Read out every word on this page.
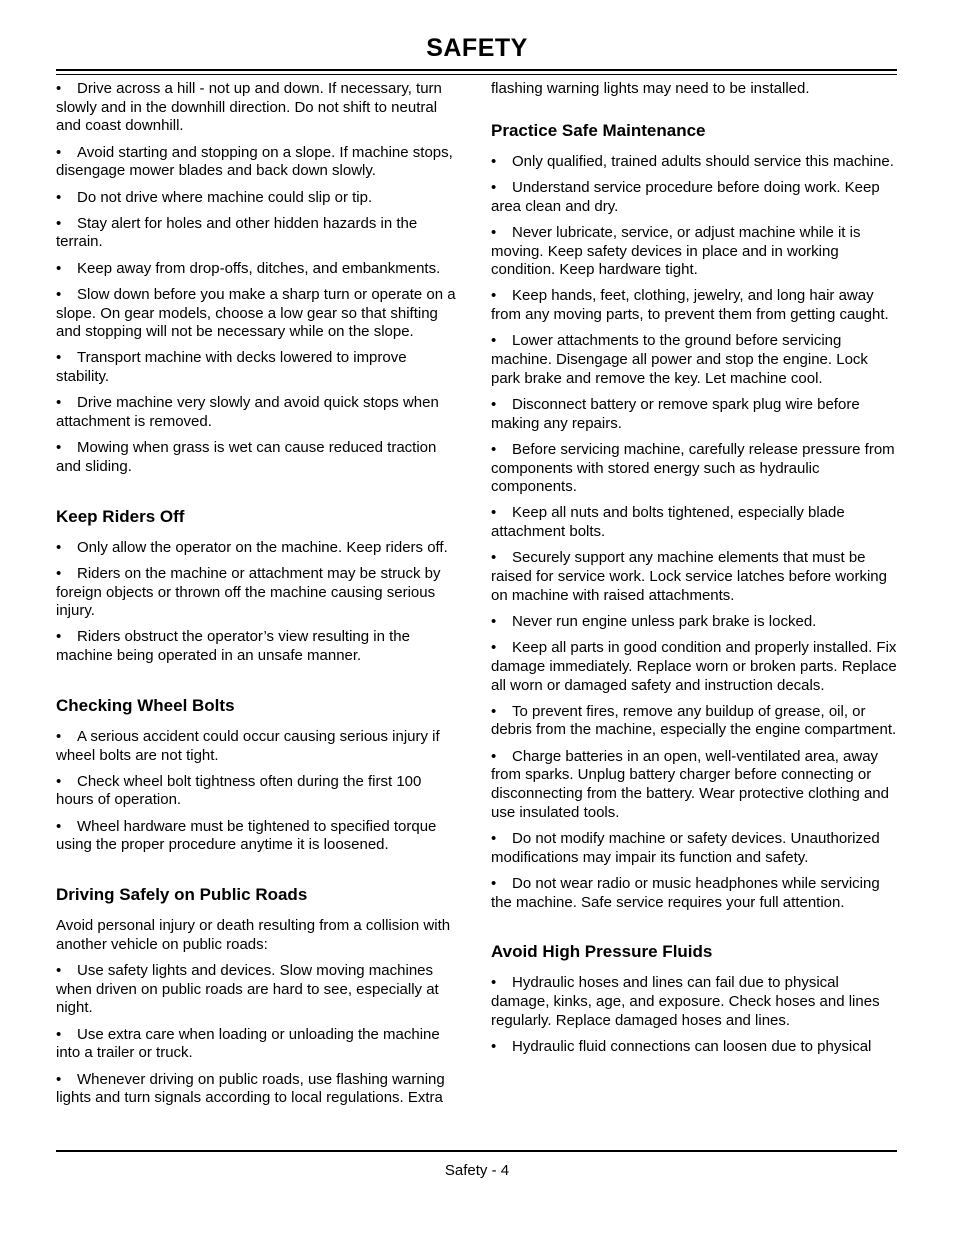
SAFETY

• Drive across a hill - not up and down. If necessary, turn slowly and in the downhill direction. Do not shift to neutral and coast downhill.

• Avoid starting and stopping on a slope. If machine stops, disengage mower blades and back down slowly.

• Do not drive where machine could slip or tip.

• Stay alert for holes and other hidden hazards in the terrain.

• Keep away from drop-offs, ditches, and embankments.

• Slow down before you make a sharp turn or operate on a slope. On gear models, choose a low gear so that shifting and stopping will not be necessary while on the slope.

• Transport machine with decks lowered to improve stability.

• Drive machine very slowly and avoid quick stops when attachment is removed.

• Mowing when grass is wet can cause reduced traction and sliding.

Keep Riders Off

• Only allow the operator on the machine. Keep riders off.

• Riders on the machine or attachment may be struck by foreign objects or thrown off the machine causing serious injury.

• Riders obstruct the operator’s view resulting in the machine being operated in an unsafe manner.

Checking Wheel Bolts

• A serious accident could occur causing serious injury if wheel bolts are not tight.

• Check wheel bolt tightness often during the first 100 hours of operation.

• Wheel hardware must be tightened to specified torque using the proper procedure anytime it is loosened.

Driving Safely on Public Roads

Avoid personal injury or death resulting from a collision with another vehicle on public roads:

• Use safety lights and devices. Slow moving machines when driven on public roads are hard to see, especially at night.

• Use extra care when loading or unloading the machine into a trailer or truck.

• Whenever driving on public roads, use flashing warning lights and turn signals according to local regulations. Extra

flashing warning lights may need to be installed.

Practice Safe Maintenance

• Only qualified, trained adults should service this machine.

• Understand service procedure before doing work. Keep area clean and dry.

• Never lubricate, service, or adjust machine while it is moving. Keep safety devices in place and in working condition. Keep hardware tight.

• Keep hands, feet, clothing, jewelry, and long hair away from any moving parts, to prevent them from getting caught.

• Lower attachments to the ground before servicing machine. Disengage all power and stop the engine. Lock park brake and remove the key. Let machine cool.

• Disconnect battery or remove spark plug wire before making any repairs.

• Before servicing machine, carefully release pressure from components with stored energy such as hydraulic components.

• Keep all nuts and bolts tightened, especially blade attachment bolts.

• Securely support any machine elements that must be raised for service work. Lock service latches before working on machine with raised attachments.

• Never run engine unless park brake is locked.

• Keep all parts in good condition and properly installed. Fix damage immediately. Replace worn or broken parts. Replace all worn or damaged safety and instruction decals.

• To prevent fires, remove any buildup of grease, oil, or debris from the machine, especially the engine compartment.

• Charge batteries in an open, well-ventilated area, away from sparks. Unplug battery charger before connecting or disconnecting from the battery. Wear protective clothing and use insulated tools.

• Do not modify machine or safety devices. Unauthorized modifications may impair its function and safety.

• Do not wear radio or music headphones while servicing the machine. Safe service requires your full attention.

Avoid High Pressure Fluids

• Hydraulic hoses and lines can fail due to physical damage, kinks, age, and exposure. Check hoses and lines regularly. Replace damaged hoses and lines.

• Hydraulic fluid connections can loosen due to physical

Safety - 4
